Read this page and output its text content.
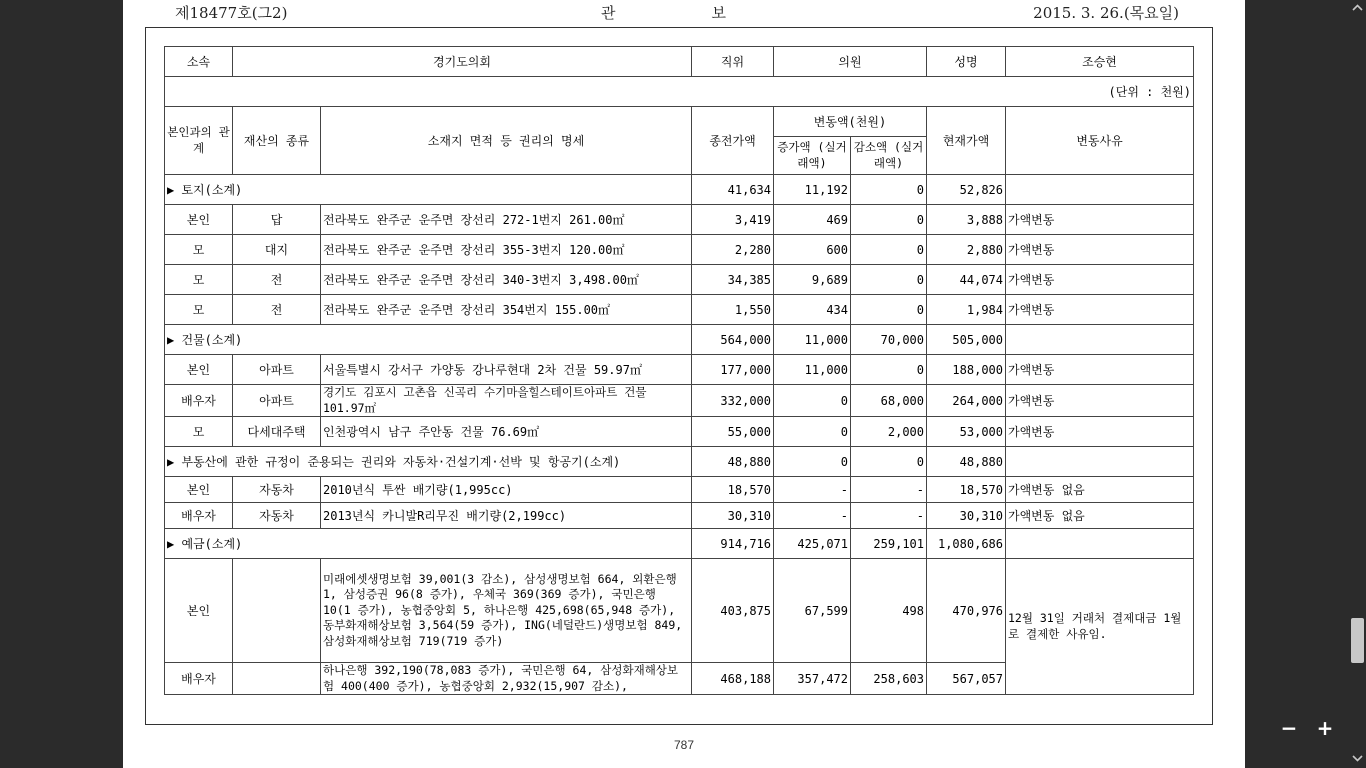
제18477호(그2)	관	보	2015. 3. 26.(목요일)
소속	경기도의회		직위	의원		성명	조승현
(단위 : 천원)							
본인과의 관계	재산의 종류	소재지 면적 등 권리의 명세	종전가액	변동액(천원)		현재가액	변동사유
				증가액 (실거래액)	감소액 (실거래액)		
▶ 토지(소계)			41,634	11,192	0	52,826	
본인	답	전라북도 완주군 운주면 장선리 272-1번지 261.00㎡	3,419	469	0	3,888	가액변동
모	대지	전라북도 완주군 운주면 장선리 355-3번지 120.00㎡	2,280	600	0	2,880	가액변동
모	전	전라북도 완주군 운주면 장선리 340-3번지 3,498.00㎡	34,385	9,689	0	44,074	가액변동
모	전	전라북도 완주군 운주면 장선리 354번지 155.00㎡	1,550	434	0	1,984	가액변동
▶ 건물(소계)			564,000	11,000	70,000	505,000	
본인	아파트	서울특별시 강서구 가양동 강나루현대 2차 건물 59.97㎡	177,000	11,000	0	188,000	가액변동
배우자	아파트	경기도 김포시 고촌읍 신곡리 수기마을힐스테이트아파트 건물 101.97㎡	332,000	0	68,000	264,000	가액변동
모	다세대주택	인천광역시 남구 주안동 건물 76.69㎡	55,000	0	2,000	53,000	가액변동
▶ 부동산에 관한 규정이 준용되는 권리와 자동차·건설기계·선박 및 항공기(소계)			48,880	0	0	48,880	
본인	자동차	2010년식 투싼 배기량(1,995cc)	18,570	-	-	18,570	가액변동 없음
배우자	자동차	2013년식 카니발R리무진 배기량(2,199cc)	30,310	-	-	30,310	가액변동 없음
▶ 예금(소계)			914,716	425,071	259,101	1,080,686	
본인		미래에셋생명보험 39,001(3 감소), 삼성생명보험 664, 외환은행 1, 삼성증권 96(8 증가), 우체국 369(369 증가), 국민은행 10(1 증가), 농협중앙회 5, 하나은행 425,698(65,948 증가), 동부화재해상보험 3,564(59 증가), ING(네덜란드)생명보험 849, 삼성화재해상보험 719(719 증가)	403,875	67,599	498	470,976	12월 31일 거래처 결제대금 1월로 결제한 사유임.
배우자		하나은행 392,190(78,083 증가), 국민은행 64, 삼성화재해상보험 400(400 증가), 농협중앙회 2,932(15,907 감소),	468,188	357,472	258,603	567,057	
787
− +
